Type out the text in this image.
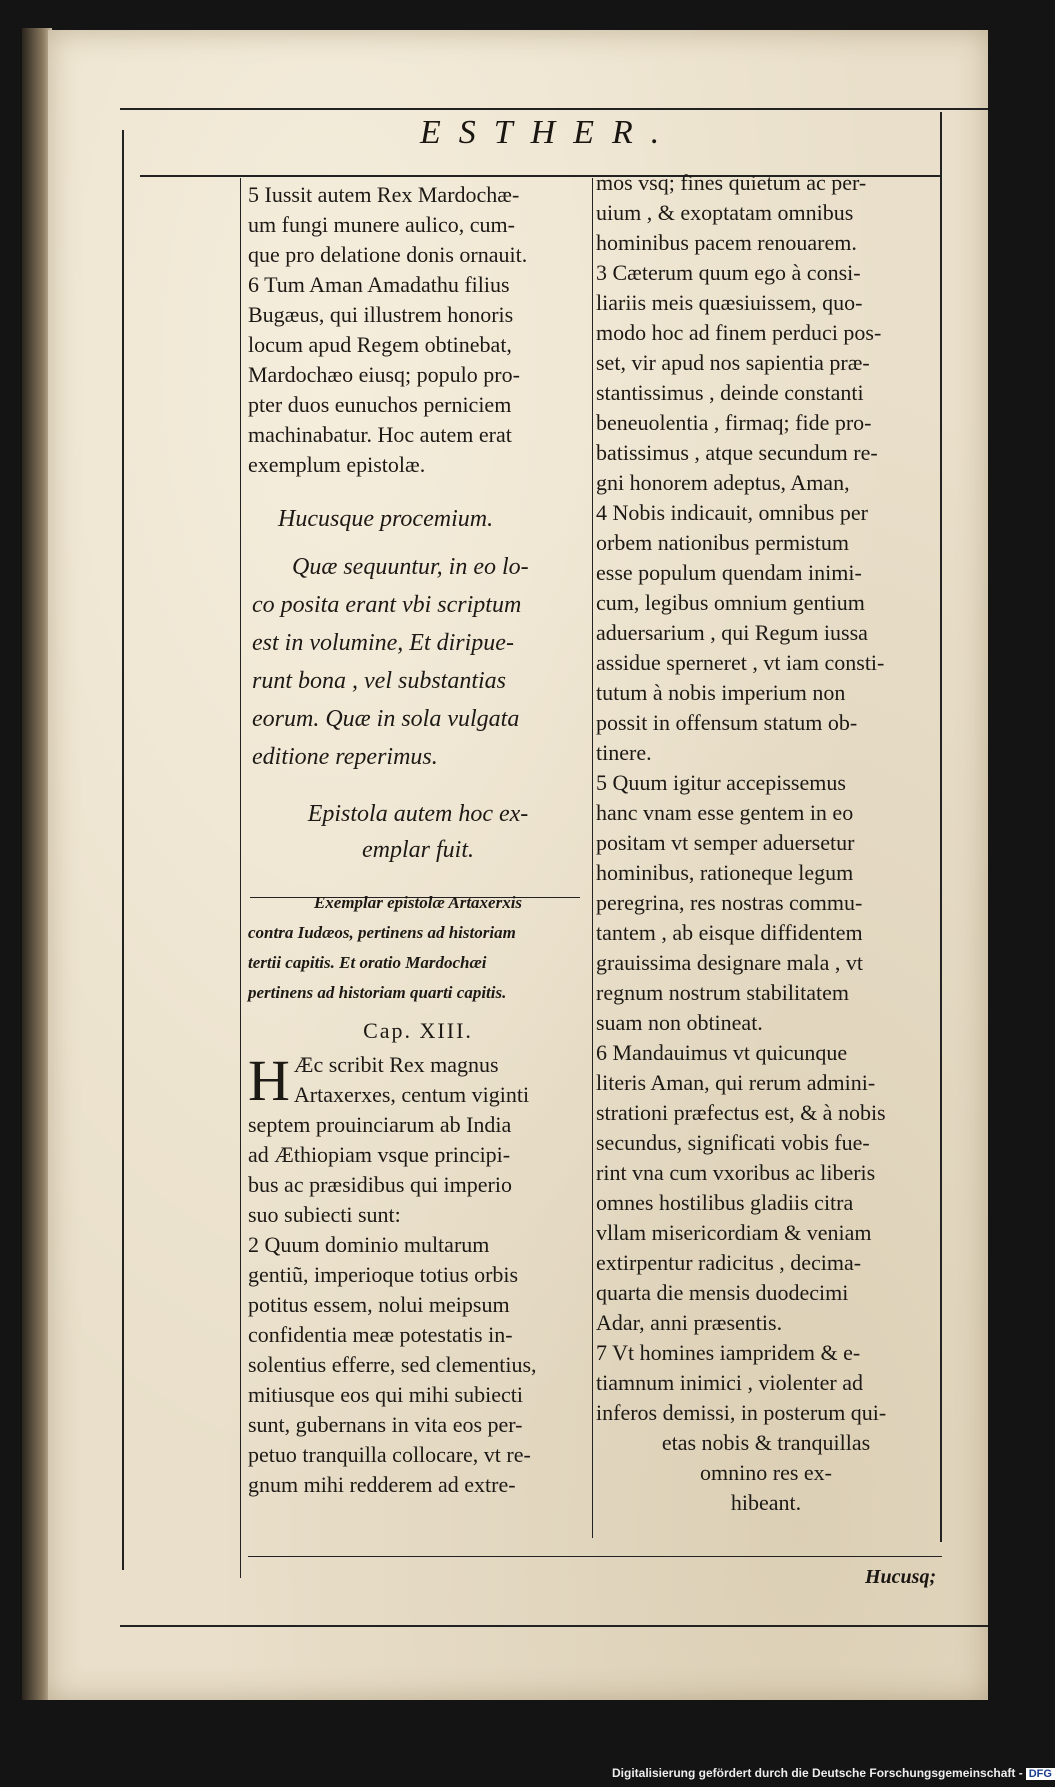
ESTHER.

5 Iussit autem Rex Mardochæ-

um fungi munere aulico, cum-

que pro delatione donis ornauit.

6 Tum Aman Amadathu filius

Bugæus, qui illustrem honoris

locum apud Regem obtinebat,

Mardochæo eiusq; populo pro-

pter duos eunuchos perniciem

machinabatur. Hoc autem erat

exemplum epistolæ.

Hucusque procemium.

Quæ sequuntur, in eo lo-

co posita erant vbi scriptum

est in volumine, Et diripue-

runt bona , vel substantias

eorum. Quæ in sola vulgata

editione reperimus.

Epistola autem hoc ex-

emplar fuit.

Exemplar epistolæ Artaxerxis

contra Iudæos, pertinens ad historiam

tertii capitis. Et oratio Mardochæi

pertinens ad historiam quarti capitis.

Cap. XIII.

H Æc scribit Rex magnus

Artaxerxes, centum viginti

septem prouinciarum ab India

ad Æthiopiam vsque principi-

bus ac præsidibus qui imperio

suo subiecti sunt:

2 Quum dominio multarum

gentiũ, imperioque totius orbis

potitus essem, nolui meipsum

confidentia meæ potestatis in-

solentius efferre, sed clementius,

mitiusque eos qui mihi subiecti

sunt, gubernans in vita eos per-

petuo tranquilla collocare, vt re-

gnum mihi redderem ad extre-

mos vsq; fines quietum ac per-

uium , & exoptatam omnibus

hominibus pacem renouarem.

3 Cæterum quum ego à consi-

liariis meis quæsiuissem, quo-

modo hoc ad finem perduci pos-

set, vir apud nos sapientia præ-

stantissimus , deinde constanti

beneuolentia , firmaq; fide pro-

batissimus , atque secundum re-

gni honorem adeptus, Aman,

4 Nobis indicauit, omnibus per

orbem nationibus permistum

esse populum quendam inimi-

cum, legibus omnium gentium

aduersarium , qui Regum iussa

assidue sperneret , vt iam consti-

tutum à nobis imperium non

possit in offensum statum ob-

tinere.

5 Quum igitur accepissemus

hanc vnam esse gentem in eo

positam vt semper aduersetur

hominibus, rationeque legum

peregrina, res nostras commu-

tantem , ab eisque diffidentem

grauissima designare mala , vt

regnum nostrum stabilitatem

suam non obtineat.

6 Mandauimus vt quicunque

literis Aman, qui rerum admini-

strationi præfectus est, & à nobis

secundus, significati vobis fue-

rint vna cum vxoribus ac liberis

omnes hostilibus gladiis citra

vllam misericordiam & veniam

extirpentur radicitus , decima-

quarta die mensis duodecimi

Adar, anni præsentis.

7 Vt homines iampridem & e-

tiamnum inimici , violenter ad

inferos demissi, in posterum qui-

etas nobis & tranquillas

omnino res ex-

hibeant.

Hucusq;
Digitalisierung gefördert durch die Deutsche Forschungsgemeinschaft - DFG
